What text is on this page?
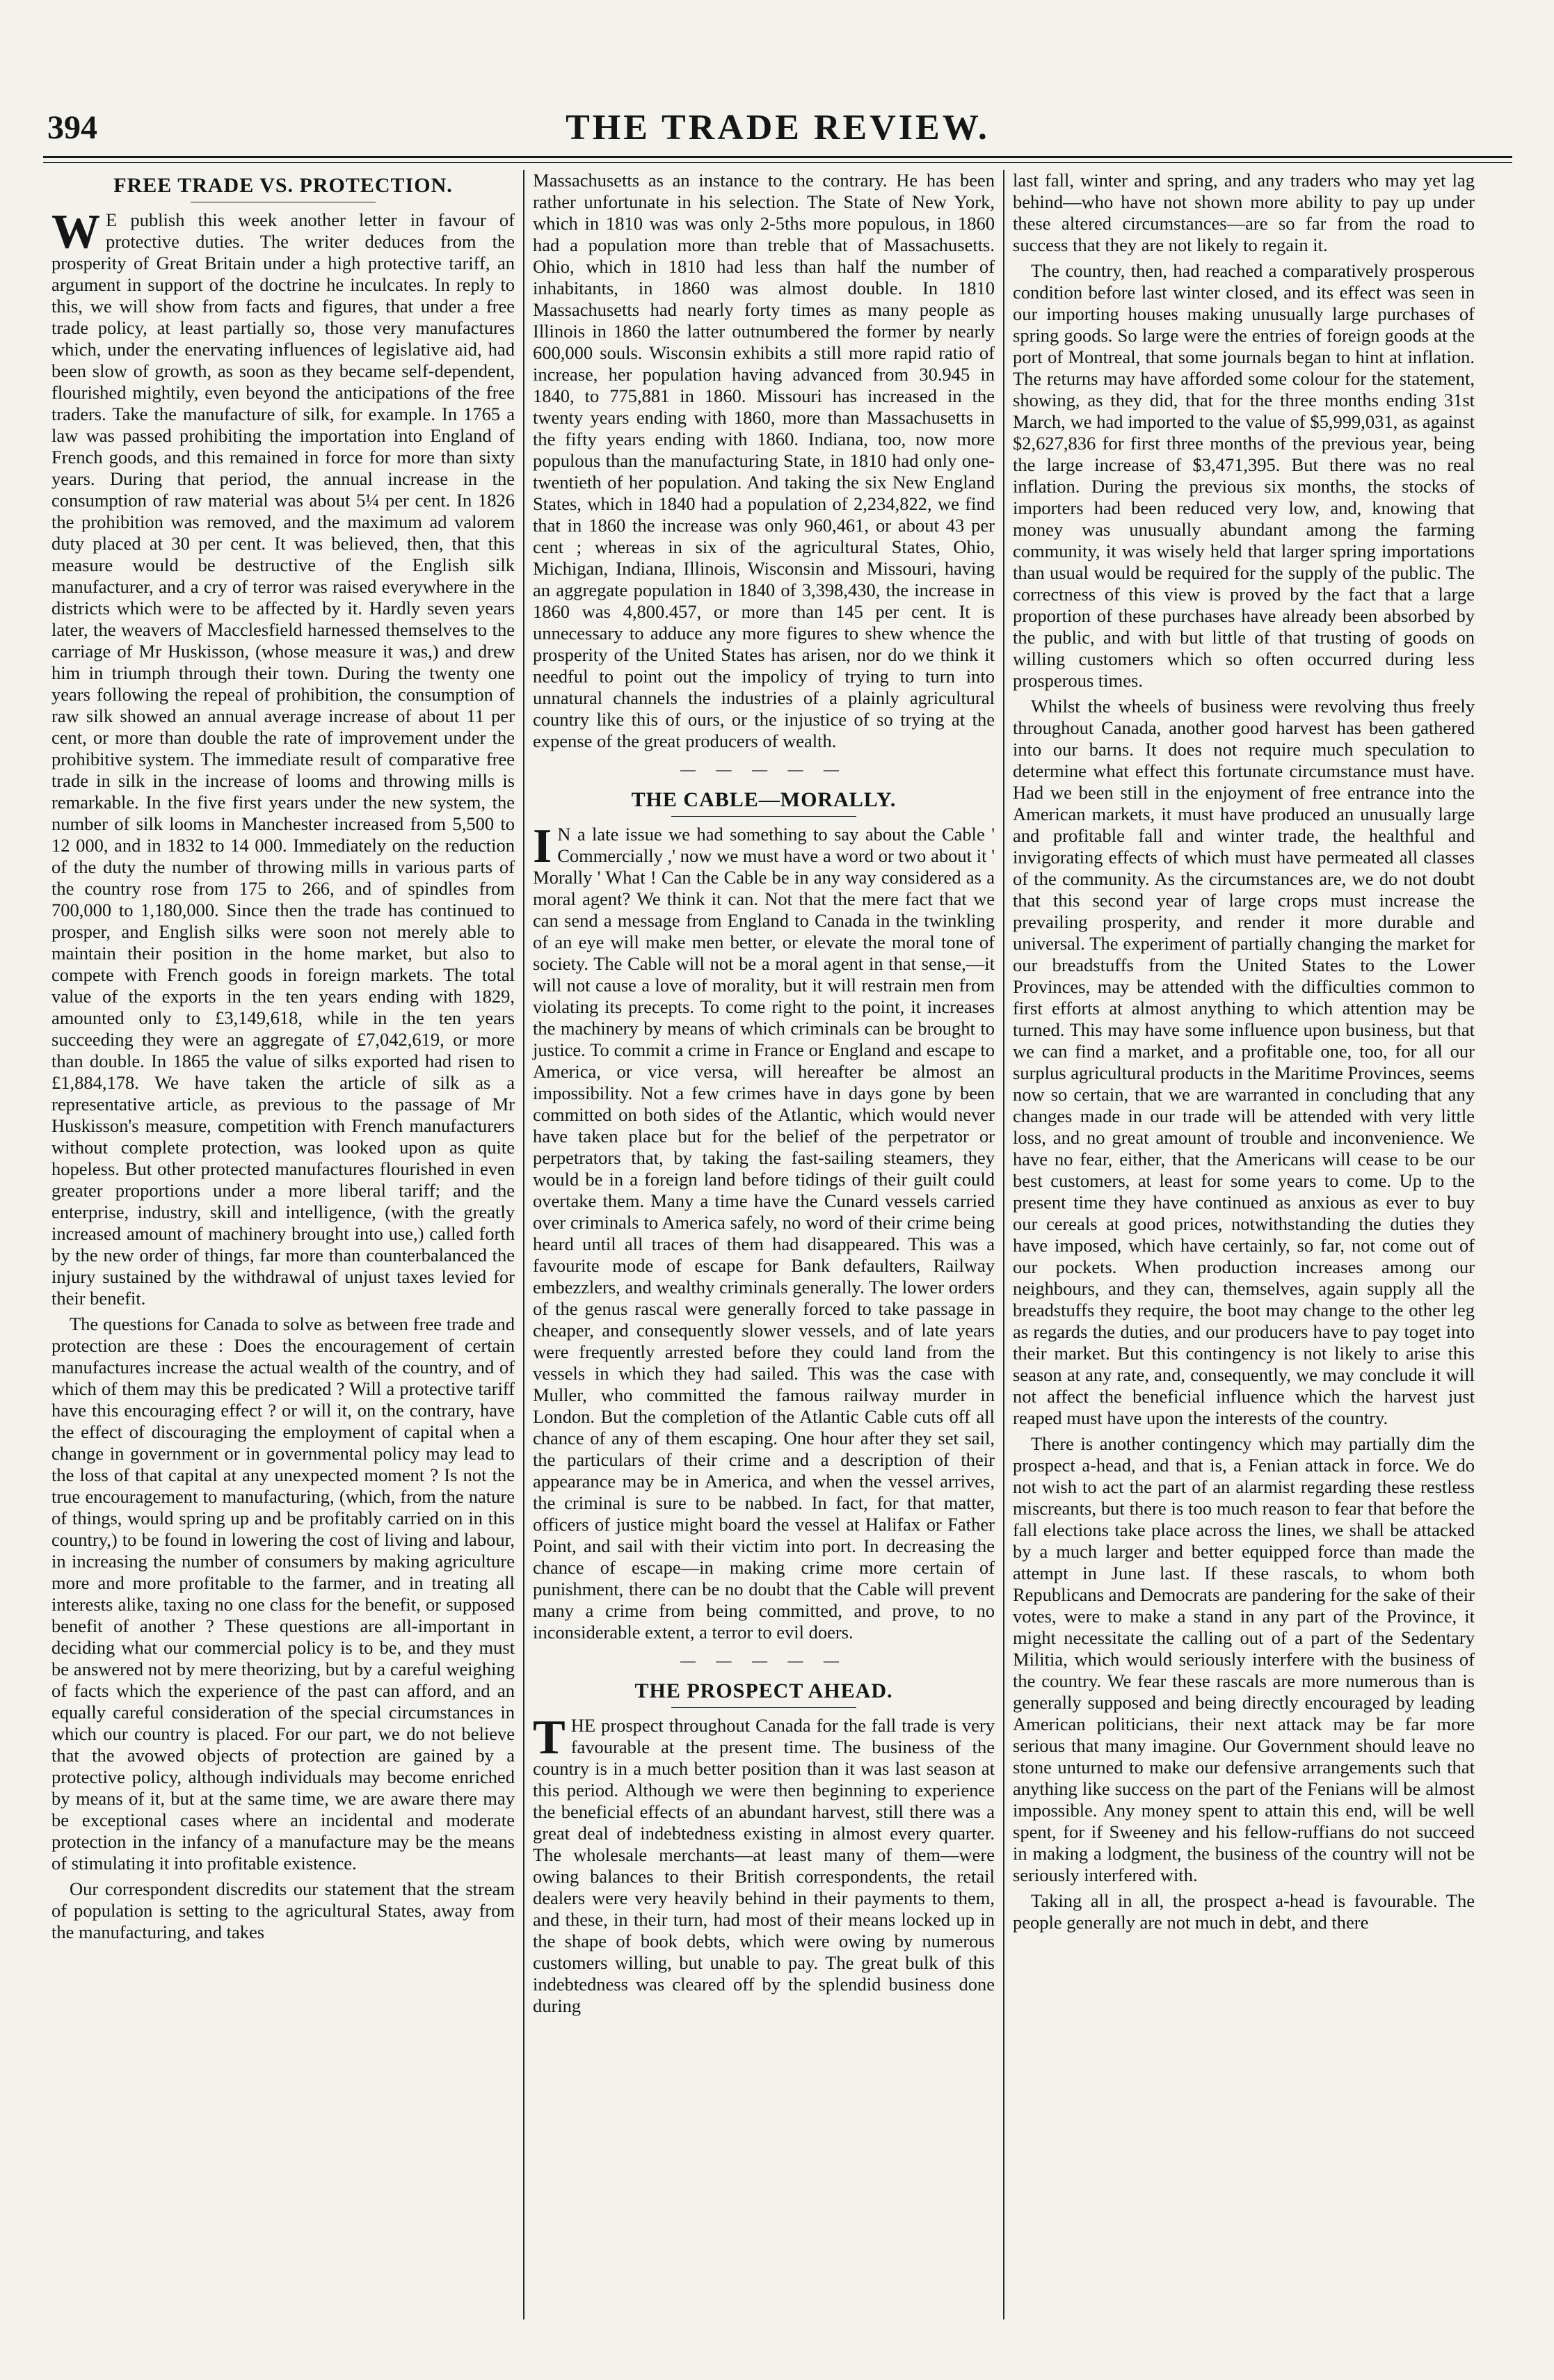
394	THE TRADE REVIEW.
FREE TRADE VS. PROTECTION.

W E publish this week another letter in favour of protective duties. The writer deduces from the prosperity of Great Britain under a high protective tariff, an argument in support of the doctrine he inculcates. In reply to this, we will show from facts and figures, that under a free trade policy, at least partially so, those very manufactures which, under the enervating influences of legislative aid, had been slow of growth, as soon as they became self-dependent, flourished mightily, even beyond the anticipations of the free traders. Take the manufacture of silk, for example. In 1765 a law was passed prohibiting the importation into England of French goods, and this remained in force for more than sixty years. During that period, the annual increase in the consumption of raw material was about 5¼ per cent. In 1826 the prohibition was removed, and the maximum ad valorem duty placed at 30 per cent. It was believed, then, that this measure would be destructive of the English silk manufacturer, and a cry of terror was raised everywhere in the districts which were to be affected by it. Hardly seven years later, the weavers of Macclesfield harnessed themselves to the carriage of Mr Huskisson, (whose measure it was,) and drew him in triumph through their town. During the twenty one years following the repeal of prohibition, the consumption of raw silk showed an annual average increase of about 11 per cent, or more than double the rate of improvement under the prohibitive system. The immediate result of comparative free trade in silk in the increase of looms and throwing mills is remarkable. In the five first years under the new system, the number of silk looms in Manchester increased from 5,500 to 12 000, and in 1832 to 14 000. Immediately on the reduction of the duty the number of throwing mills in various parts of the country rose from 175 to 266, and of spindles from 700,000 to 1,180,000. Since then the trade has continued to prosper, and English silks were soon not merely able to maintain their position in the home market, but also to compete with French goods in foreign markets. The total value of the exports in the ten years ending with 1829, amounted only to £3,149,618, while in the ten years succeeding they were an aggregate of £7,042,619, or more than double. In 1865 the value of silks exported had risen to £1,884,178. We have taken the article of silk as a representative article, as previous to the passage of Mr Huskisson's measure, competition with French manufacturers without complete protection, was looked upon as quite hopeless. But other protected manufactures flourished in even greater proportions under a more liberal tariff; and the enterprise, industry, skill and intelligence, (with the greatly increased amount of machinery brought into use,) called forth by the new order of things, far more than counterbalanced the injury sustained by the withdrawal of unjust taxes levied for their benefit.

The questions for Canada to solve as between free trade and protection are these : Does the encouragement of certain manufactures increase the actual wealth of the country, and of which of them may this be predicated ? Will a protective tariff have this encouraging effect ? or will it, on the contrary, have the effect of discouraging the employment of capital when a change in government or in governmental policy may lead to the loss of that capital at any unexpected moment ? Is not the true encouragement to manufacturing, (which, from the nature of things, would spring up and be profitably carried on in this country,) to be found in lowering the cost of living and labour, in increasing the number of consumers by making agriculture more and more profitable to the farmer, and in treating all interests alike, taxing no one class for the benefit, or supposed benefit of another ? These questions are all-important in deciding what our commercial policy is to be, and they must be answered not by mere theorizing, but by a careful weighing of facts which the experience of the past can afford, and an equally careful consideration of the special circumstances in which our country is placed. For our part, we do not believe that the avowed objects of protection are gained by a protective policy, although individuals may become enriched by means of it, but at the same time, we are aware there may be exceptional cases where an incidental and moderate protection in the infancy of a manufacture may be the means of stimulating it into profitable existence.

Our correspondent discredits our statement that the stream of population is setting to the agricultural States, away from the manufacturing, and takes

Massachusetts as an instance to the contrary. He has been rather unfortunate in his selection. The State of New York, which in 1810 was was only 2-5ths more populous, in 1860 had a population more than treble that of Massachusetts. Ohio, which in 1810 had less than half the number of inhabitants, in 1860 was almost double. In 1810 Massachusetts had nearly forty times as many people as Illinois in 1860 the latter outnumbered the former by nearly 600,000 souls. Wisconsin exhibits a still more rapid ratio of increase, her population having advanced from 30.945 in 1840, to 775,881 in 1860. Missouri has increased in the twenty years ending with 1860, more than Massachusetts in the fifty years ending with 1860. Indiana, too, now more populous than the manufacturing State, in 1810 had only one-twentieth of her population. And taking the six New England States, which in 1840 had a population of 2,234,822, we find that in 1860 the increase was only 960,461, or about 43 per cent ; whereas in six of the agricultural States, Ohio, Michigan, Indiana, Illinois, Wisconsin and Missouri, having an aggregate population in 1840 of 3,398,430, the increase in 1860 was 4,800.457, or more than 145 per cent. It is unnecessary to adduce any more figures to shew whence the prosperity of the United States has arisen, nor do we think it needful to point out the impolicy of trying to turn into unnatural channels the industries of a plainly agricultural country like this of ours, or the injustice of so trying at the expense of the great producers of wealth.

— — — — —
THE CABLE—MORALLY.

I N a late issue we had something to say about the Cable ' Commercially ,' now we must have a word or two about it ' Morally ' What ! Can the Cable be in any way considered as a moral agent? We think it can. Not that the mere fact that we can send a message from England to Canada in the twinkling of an eye will make men better, or elevate the moral tone of society. The Cable will not be a moral agent in that sense,—it will not cause a love of morality, but it will restrain men from violating its precepts. To come right to the point, it increases the machinery by means of which criminals can be brought to justice. To commit a crime in France or England and escape to America, or vice versa, will hereafter be almost an impossibility. Not a few crimes have in days gone by been committed on both sides of the Atlantic, which would never have taken place but for the belief of the perpetrator or perpetrators that, by taking the fast-sailing steamers, they would be in a foreign land before tidings of their guilt could overtake them. Many a time have the Cunard vessels carried over criminals to America safely, no word of their crime being heard until all traces of them had disappeared. This was a favourite mode of escape for Bank defaulters, Railway embezzlers, and wealthy criminals generally. The lower orders of the genus rascal were generally forced to take passage in cheaper, and consequently slower vessels, and of late years were frequently arrested before they could land from the vessels in which they had sailed. This was the case with Muller, who committed the famous railway murder in London. But the completion of the Atlantic Cable cuts off all chance of any of them escaping. One hour after they set sail, the particulars of their crime and a description of their appearance may be in America, and when the vessel arrives, the criminal is sure to be nabbed. In fact, for that matter, officers of justice might board the vessel at Halifax or Father Point, and sail with their victim into port. In decreasing the chance of escape—in making crime more certain of punishment, there can be no doubt that the Cable will prevent many a crime from being committed, and prove, to no inconsiderable extent, a terror to evil doers.

— — — — —
THE PROSPECT AHEAD.

THE prospect throughout Canada for the fall trade is very favourable at the present time. The business of the country is in a much better position than it was last season at this period. Although we were then beginning to experience the beneficial effects of an abundant harvest, still there was a great deal of indebtedness existing in almost every quarter. The wholesale merchants—at least many of them—were owing balances to their British correspondents, the retail dealers were very heavily behind in their payments to them, and these, in their turn, had most of their means locked up in the shape of book debts, which were owing by numerous customers willing, but unable to pay. The great bulk of this indebtedness was cleared off by the splendid business done during

last fall, winter and spring, and any traders who may yet lag behind—who have not shown more ability to pay up under these altered circumstances—are so far from the road to success that they are not likely to regain it.

The country, then, had reached a comparatively prosperous condition before last winter closed, and its effect was seen in our importing houses making unusually large purchases of spring goods. So large were the entries of foreign goods at the port of Montreal, that some journals began to hint at inflation. The returns may have afforded some colour for the statement, showing, as they did, that for the three months ending 31st March, we had imported to the value of $5,999,031, as against $2,627,836 for first three months of the previous year, being the large increase of $3,471,395. But there was no real inflation. During the previous six months, the stocks of importers had been reduced very low, and, knowing that money was unusually abundant among the farming community, it was wisely held that larger spring importations than usual would be required for the supply of the public. The correctness of this view is proved by the fact that a large proportion of these purchases have already been absorbed by the public, and with but little of that trusting of goods on willing customers which so often occurred during less prosperous times.

Whilst the wheels of business were revolving thus freely throughout Canada, another good harvest has been gathered into our barns. It does not require much speculation to determine what effect this fortunate circumstance must have. Had we been still in the enjoyment of free entrance into the American markets, it must have produced an unusually large and profitable fall and winter trade, the healthful and invigorating effects of which must have permeated all classes of the community. As the circumstances are, we do not doubt that this second year of large crops must increase the prevailing prosperity, and render it more durable and universal. The experiment of partially changing the market for our breadstuffs from the United States to the Lower Provinces, may be attended with the difficulties common to first efforts at almost anything to which attention may be turned. This may have some influence upon business, but that we can find a market, and a profitable one, too, for all our surplus agricultural products in the Maritime Provinces, seems now so certain, that we are warranted in concluding that any changes made in our trade will be attended with very little loss, and no great amount of trouble and inconvenience. We have no fear, either, that the Americans will cease to be our best customers, at least for some years to come. Up to the present time they have continued as anxious as ever to buy our cereals at good prices, notwithstanding the duties they have imposed, which have certainly, so far, not come out of our pockets. When production increases among our neighbours, and they can, themselves, again supply all the breadstuffs they require, the boot may change to the other leg as regards the duties, and our producers have to pay toget into their market. But this contingency is not likely to arise this season at any rate, and, consequently, we may conclude it will not affect the beneficial influence which the harvest just reaped must have upon the interests of the country.

There is another contingency which may partially dim the prospect a-head, and that is, a Fenian attack in force. We do not wish to act the part of an alarmist regarding these restless miscreants, but there is too much reason to fear that before the fall elections take place across the lines, we shall be attacked by a much larger and better equipped force than made the attempt in June last. If these rascals, to whom both Republicans and Democrats are pandering for the sake of their votes, were to make a stand in any part of the Province, it might necessitate the calling out of a part of the Sedentary Militia, which would seriously interfere with the business of the country. We fear these rascals are more numerous than is generally supposed and being directly encouraged by leading American politicians, their next attack may be far more serious that many imagine. Our Government should leave no stone unturned to make our defensive arrangements such that anything like success on the part of the Fenians will be almost impossible. Any money spent to attain this end, will be well spent, for if Sweeney and his fellow-ruffians do not succeed in making a lodgment, the business of the country will not be seriously interfered with.

Taking all in all, the prospect a-head is favourable. The people generally are not much in debt, and there
